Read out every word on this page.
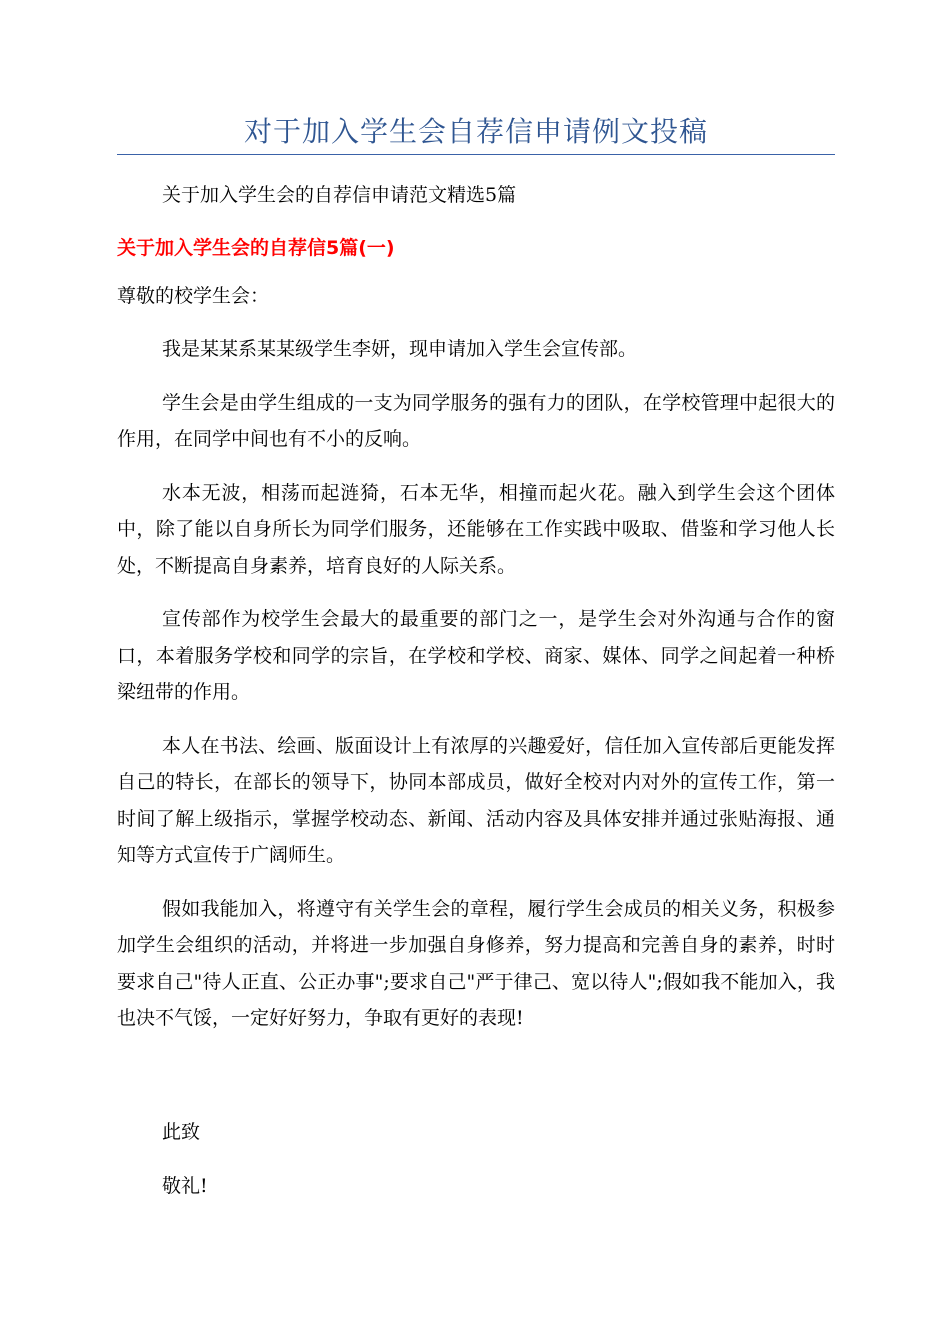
对于加入学生会自荐信申请例文投稿
关于加入学生会的自荐信申请范文精选5篇
关于加入学生会的自荐信5篇(一)
尊敬的校学生会：

我是某某系某某级学生李妍，现申请加入学生会宣传部。

学生会是由学生组成的一支为同学服务的强有力的团队，在学校管理中起很大的作用，在同学中间也有不小的反响。

水本无波，相荡而起涟猗，石本无华，相撞而起火花。融入到学生会这个团体中，除了能以自身所长为同学们服务，还能够在工作实践中吸取、借鉴和学习他人长处，不断提高自身素养，培育良好的人际关系。

宣传部作为校学生会最大的最重要的部门之一，是学生会对外沟通与合作的窗口，本着服务学校和同学的宗旨，在学校和学校、商家、媒体、同学之间起着一种桥梁纽带的作用。

本人在书法、绘画、版面设计上有浓厚的兴趣爱好，信任加入宣传部后更能发挥自己的特长，在部长的领导下，协同本部成员，做好全校对内对外的宣传工作，第一时间了解上级指示，掌握学校动态、新闻、活动内容及具体安排并通过张贴海报、通知等方式宣传于广阔师生。

假如我能加入，将遵守有关学生会的章程，履行学生会成员的相关义务，积极参加学生会组织的活动，并将进一步加强自身修养，努力提高和完善自身的素养，时时要求自己"待人正直、公正办事";要求自己"严于律己、宽以待人";假如我不能加入，我也决不气馁，一定好好努力，争取有更好的表现!

此致
敬礼!
